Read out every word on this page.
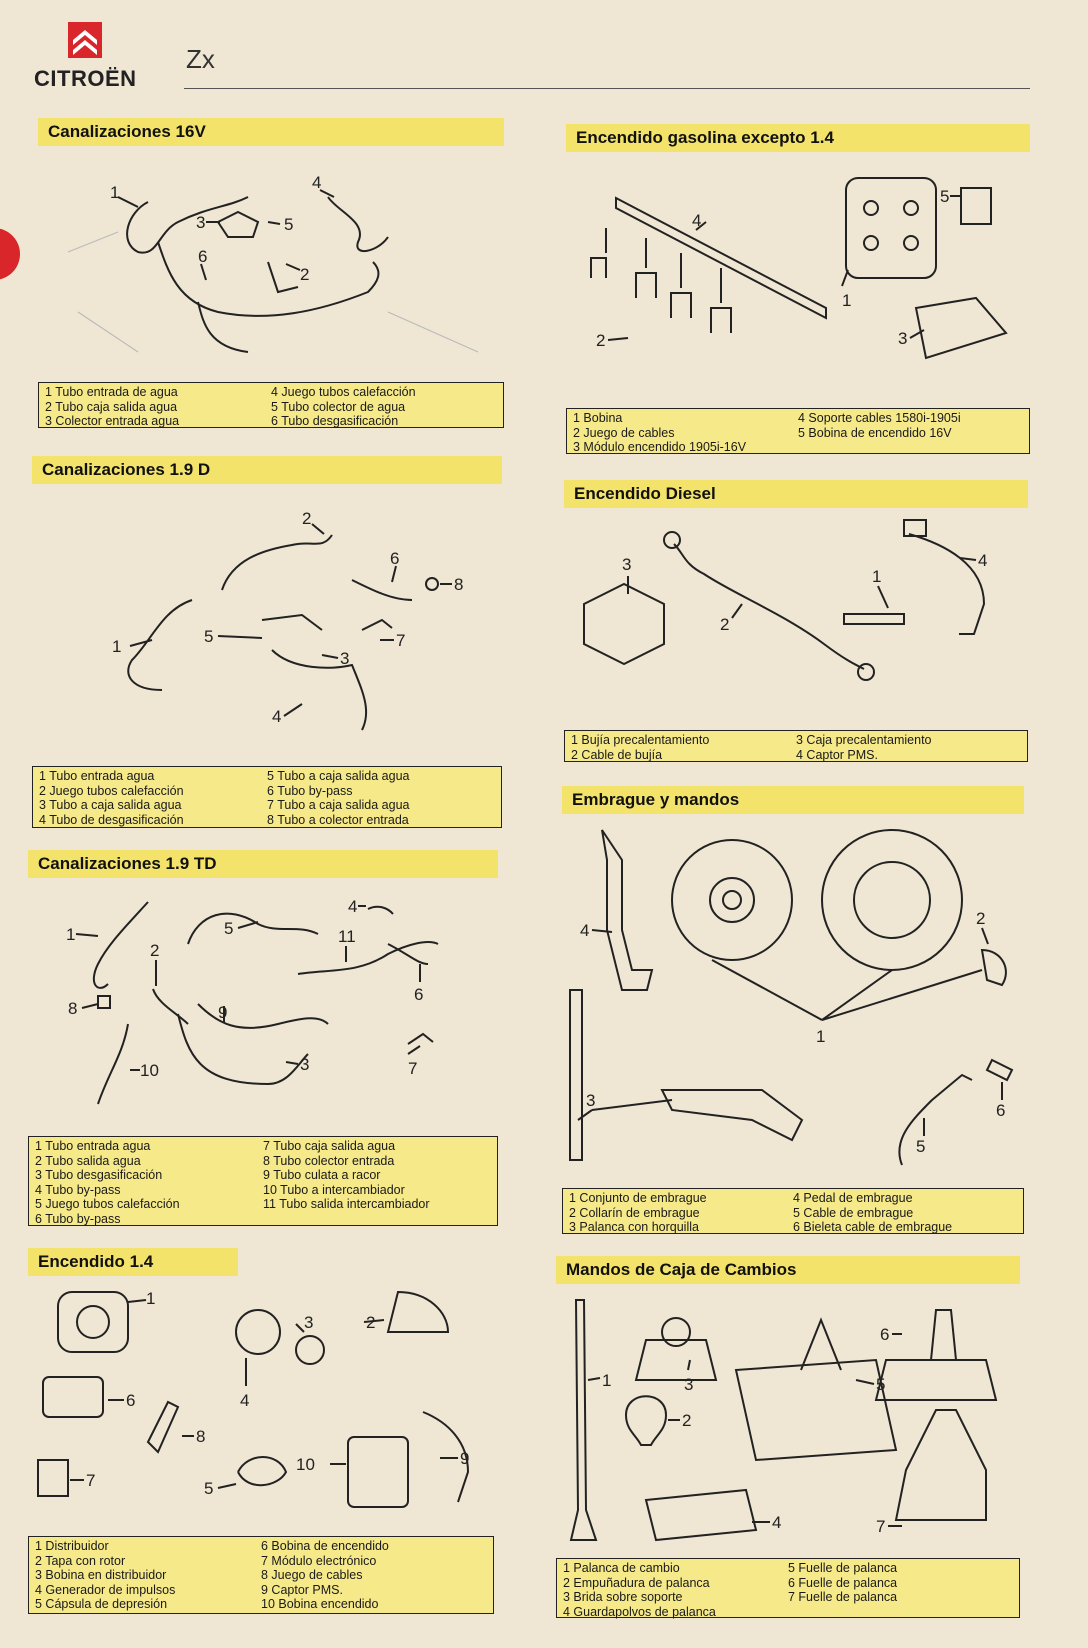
CITROËN
Zx
Canalizaciones 16V
1
2
3
4
5
6
1 Tubo entrada de agua
2 Tubo caja salida agua
3 Colector entrada agua
4 Juego tubos calefacción
5 Tubo colector de agua
6 Tubo desgasificación
Canalizaciones 1.9 D
1
2
3
4
5
6
7
8
1 Tubo entrada agua
2 Juego tubos calefacción
3 Tubo a caja salida agua
4 Tubo de desgasificación
5 Tubo a caja salida agua
6 Tubo by-pass
7 Tubo a caja salida agua
8 Tubo a colector entrada
Canalizaciones 1.9 TD
1
2
3
4
5
6
7
8	9
10
11
1 Tubo entrada agua
2 Tubo salida agua
3 Tubo desgasificación
4 Tubo by-pass
5 Juego tubos calefacción
6 Tubo by-pass
7 Tubo caja salida agua
8 Tubo colector entrada
9 Tubo culata a racor
10 Tubo a intercambiador
11 Tubo salida intercambiador
Encendido 1.4
1
2
3
4
5
6
7
8
9
10
1 Distribuidor
2 Tapa con rotor
3 Bobina en distribuidor
4 Generador de impulsos
5 Cápsula de depresión
6 Bobina de encendido
7 Módulo electrónico
8 Juego de cables
9 Captor PMS.
10 Bobina encendido
Encendido gasolina excepto 1.4
4
1
2	3
5
1 Bobina
2 Juego de cables
3 Módulo encendido 1905i-16V
4 Soporte cables 1580i-1905i
5 Bobina de encendido 16V
Encendido Diesel
3
2
1
4
1 Bujía precalentamiento
2 Cable de bujía
3 Caja precalentamiento
4 Captor PMS.
Embrague y mandos
4
1
2
3
5
6
1 Conjunto de embrague
2 Collarín de embrague
3 Palanca con horquilla
4 Pedal de embrague
5 Cable de embrague
6 Bieleta cable de embrague
Mandos de Caja de Cambios
1
2
3
4
5
6
7
1 Palanca de cambio
2 Empuñadura de palanca
3 Brida sobre soporte
4 Guardapolvos de palanca
5 Fuelle de palanca
6 Fuelle de palanca
7 Fuelle de palanca
